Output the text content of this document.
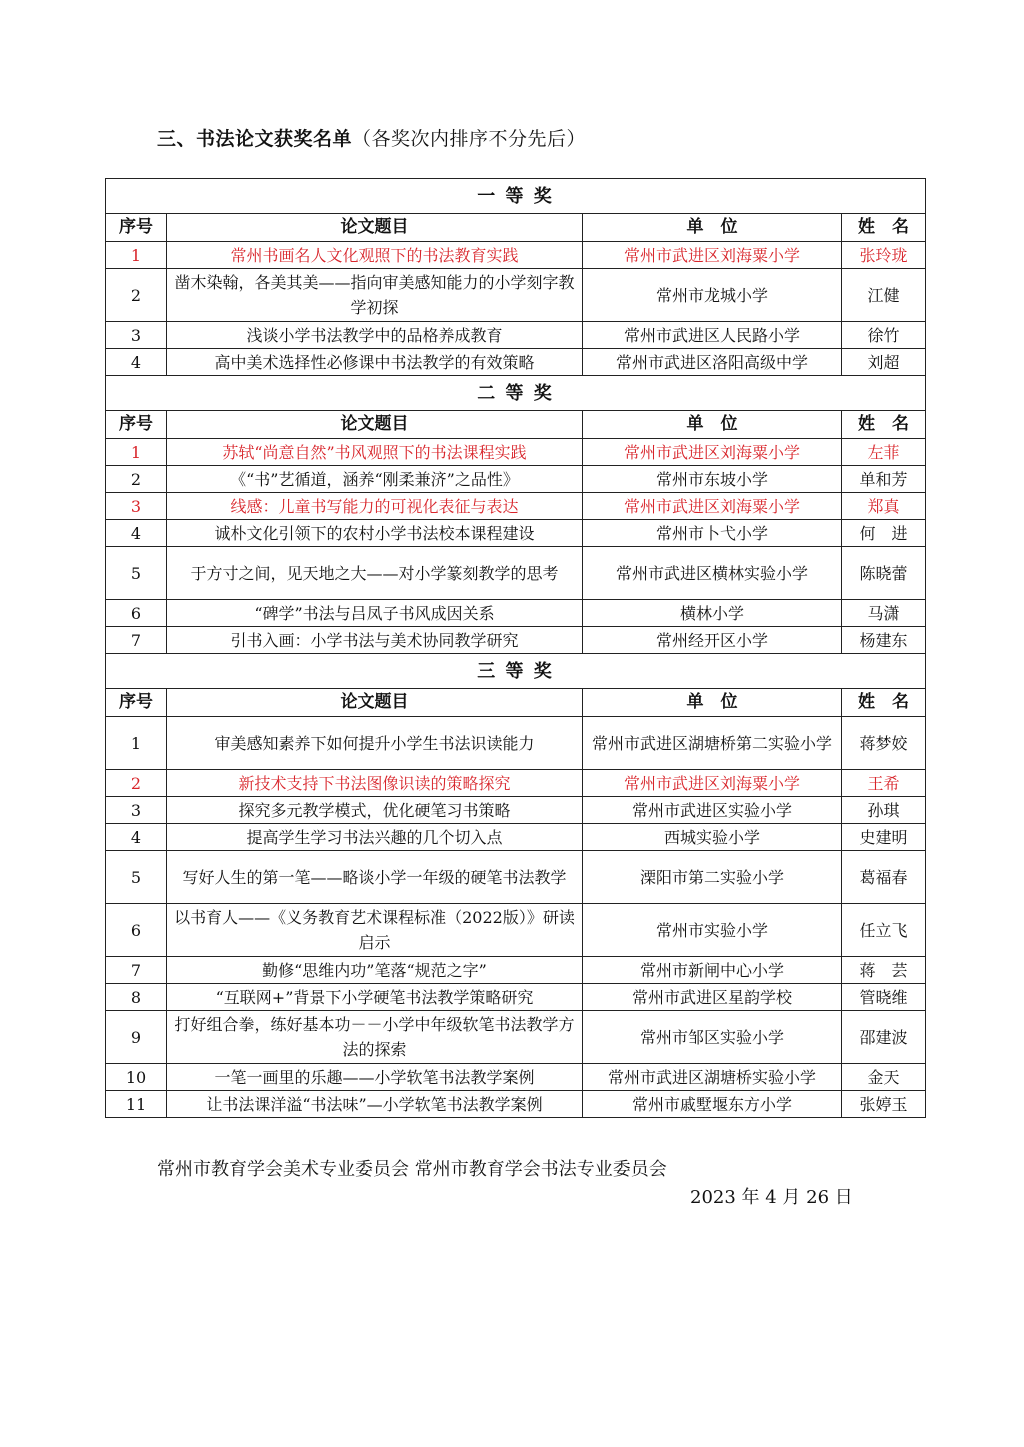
三、书法论文获奖名单（各奖次内排序不分先后）
一 等 奖			
序号	论文题目	单　位	姓　名
1	常州书画名人文化观照下的书法教育实践	常州市武进区刘海粟小学	张玲珑
2	凿木染翰，各美其美——指向审美感知能力的小学刻字教学初探	常州市龙城小学	江健
3	浅谈小学书法教学中的品格养成教育	常州市武进区人民路小学	徐竹
4	高中美术选择性必修课中书法教学的有效策略	常州市武进区洛阳高级中学	刘超
二 等 奖			
序号	论文题目	单　位	姓　名
1	苏轼“尚意自然”书风观照下的书法课程实践	常州市武进区刘海粟小学	左菲
2	《“书”艺循道，涵养“刚柔兼济”之品性》	常州市东坡小学	单和芳
3	线感：儿童书写能力的可视化表征与表达	常州市武进区刘海粟小学	郑真
4	诚朴文化引领下的农村小学书法校本课程建设	常州市卜弋小学	何　进
5	于方寸之间，见天地之大——对小学篆刻教学的思考	常州市武进区横林实验小学	陈晓蕾
6	“碑学”书法与吕凤子书风成因关系	横林小学	马潇
7	引书入画：小学书法与美术协同教学研究	常州经开区小学	杨建东
三 等 奖			
序号	论文题目	单　位	姓　名
1	审美感知素养下如何提升小学生书法识读能力	常州市武进区湖塘桥第二实验小学	蒋梦姣
2	新技术支持下书法图像识读的策略探究	常州市武进区刘海粟小学	王希
3	探究多元教学模式，优化硬笔习书策略	常州市武进区实验小学	孙琪
4	提高学生学习书法兴趣的几个切入点	西城实验小学	史建明
5	写好人生的第一笔——略谈小学一年级的硬笔书法教学	溧阳市第二实验小学	葛福春
6	以书育人——《义务教育艺术课程标准（2022版）》研读启示	常州市实验小学	任立飞
7	勤修“思维内功”笔落“规范之字”	常州市新闸中心小学	蒋　芸
8	“互联网+”背景下小学硬笔书法教学策略研究	常州市武进区星韵学校	管晓维
9	打好组合拳，练好基本功－－小学中年级软笔书法教学方法的探索	常州市邹区实验小学	邵建波
10	一笔一画里的乐趣——小学软笔书法教学案例	常州市武进区湖塘桥实验小学	金天
11	让书法课洋溢“书法味”—小学软笔书法教学案例	常州市戚墅堰东方小学	张婷玉
常州市教育学会美术专业委员会 常州市教育学会书法专业委员会
2023 年 4 月 26 日
